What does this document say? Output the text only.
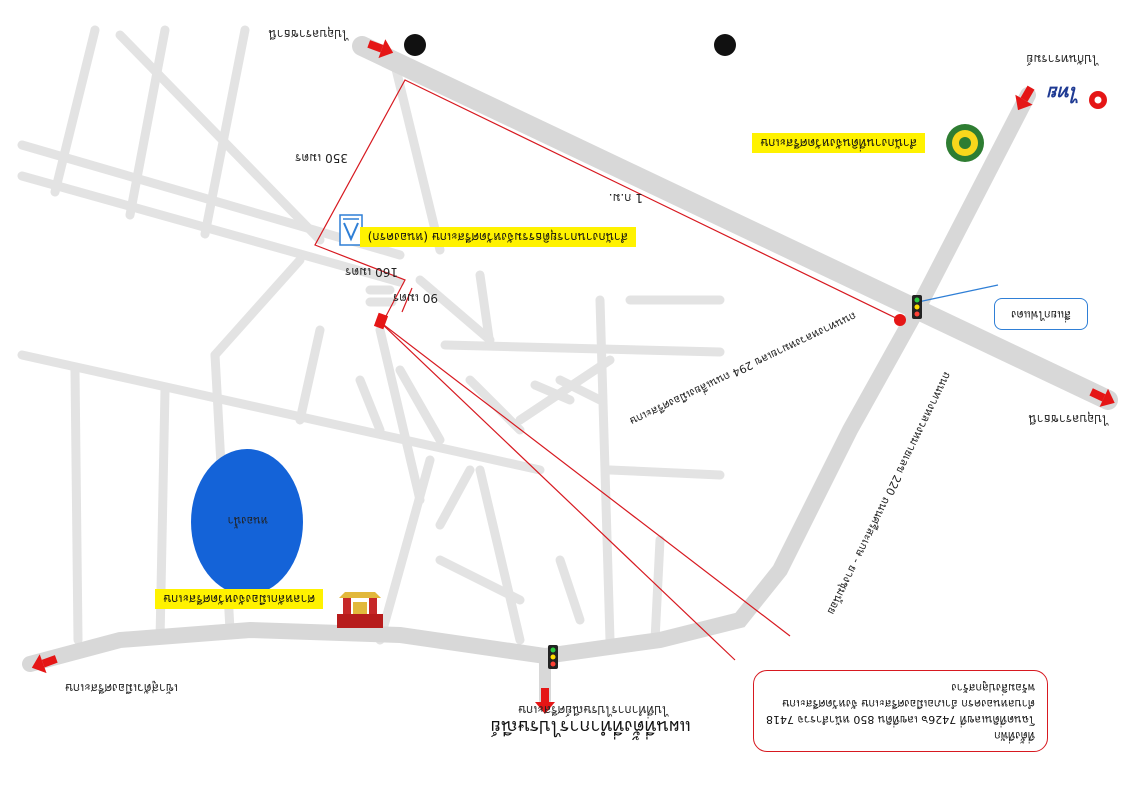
แผนที่ตั้งที่ทำการไปรษณีย์
ไปที่ทำการไปรษณีย์ศรีสะเกษ
เข้าสู่ตัวเมืองศรีสะเกษ
ที่ตั้งที่พัก
โฉนดที่ดินเลขที่ 7426๖ เลขที่ดิน 850 หน้าสำรวจ 7418
ตำบลหนองครก อำเภอเมืองศรีสะเกษ จังหวัดศรีสะเกษ
พร้อมสิ่งปลูกสร้าง
ศาลหลักเมืองจังหวัดศรีสะเกษ
หนองน้ำ	ถนนทางหลวงหมายเลข 220 ถนนศรีสะเกษ - ยางชุมน้อย	ไปอุบลราชธานี
สี่แยกไฟแดง
90 เมตร
160 เมตร
สำนักงานการยุติธรรมจังหวัดศรีสะเกษ (หนองครก)
ถนนทางหลวงหมายเลข 294 ถนนเลี่ยงเมืองศรีสะเกษ
1 ก.ม.
350 เมตร
สำนักงานที่ดินจังหวัดศรีสะเกษ
ไทย
ไปกันทรารมย์
ไปอุบลราชธานี
